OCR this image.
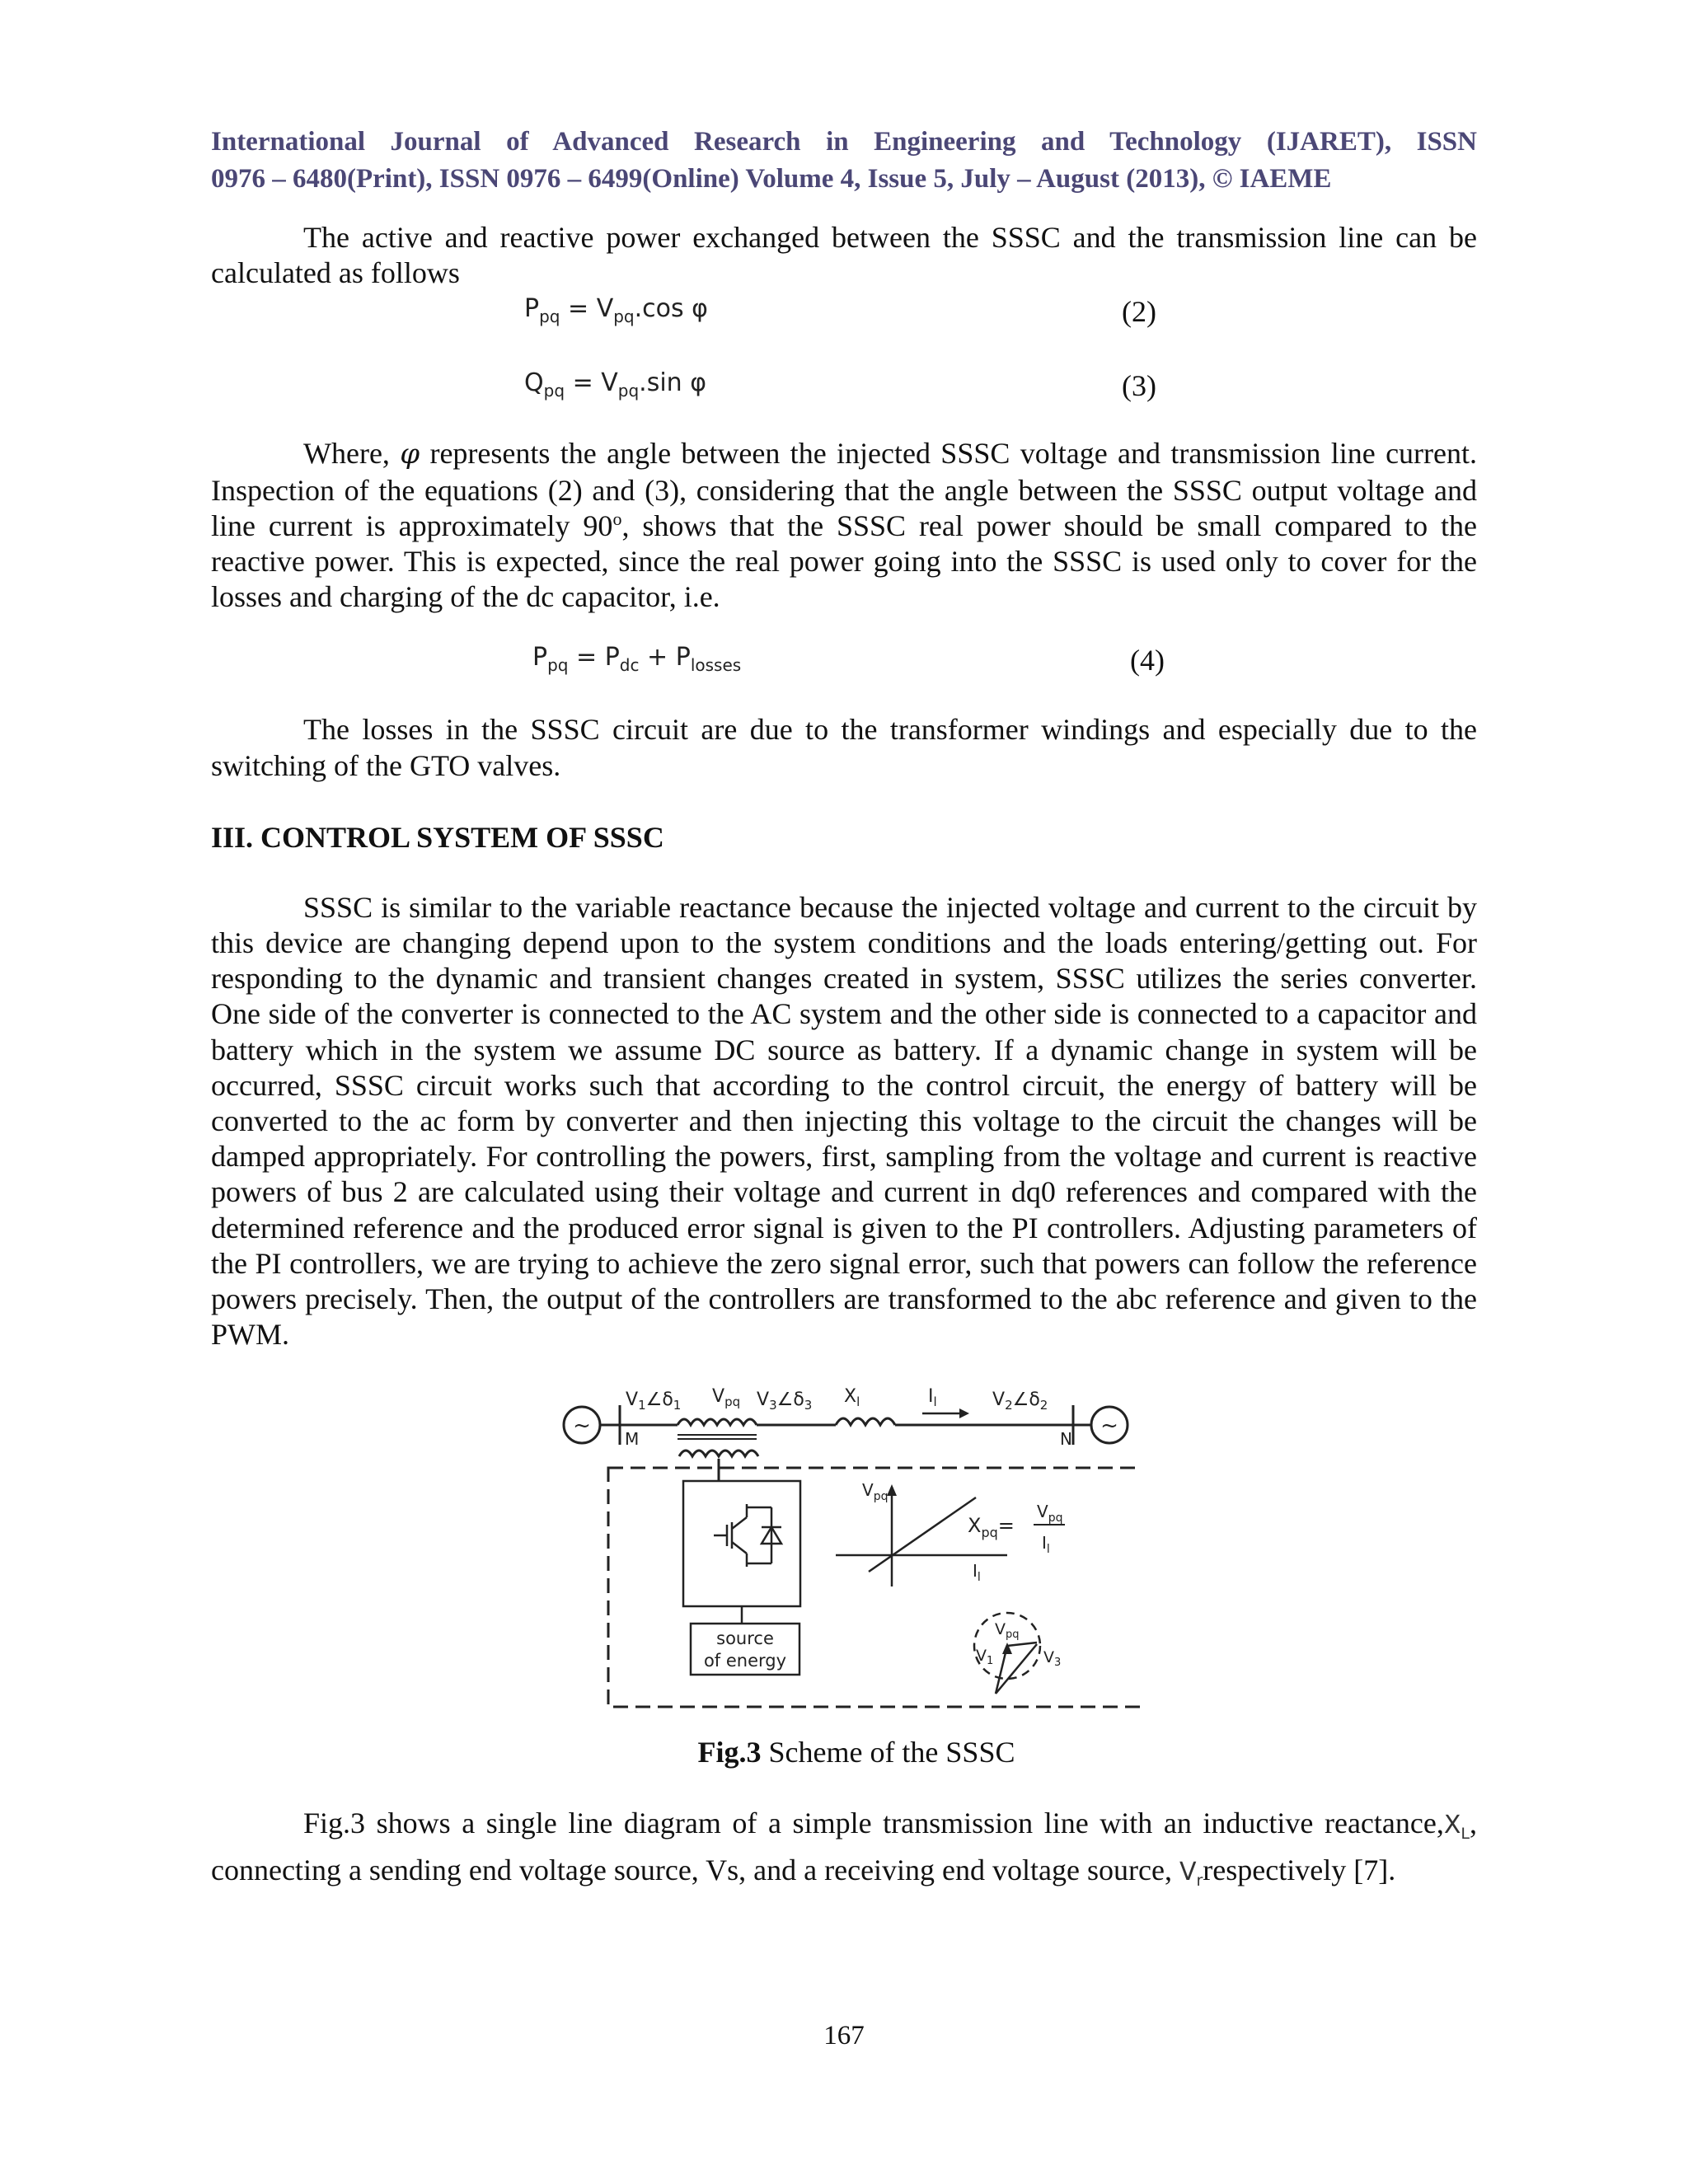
International Journal of Advanced Research in Engineering and Technology (IJARET), ISSN
0976 – 6480(Print), ISSN 0976 – 6499(Online) Volume 4, Issue 5, July – August (2013), © IAEME

The active and reactive power exchanged between the SSSC and the transmission line can be calculated as follows

$P_{pq} = V_{pq}.\cos$ φ	(2)
$Q_{pq} = V_{pq}.\sin$ φ	(3)

Where, φ represents the angle between the injected SSSC voltage and transmission line current. Inspection of the equations (2) and (3), considering that the angle between the SSSC output voltage and line current is approximately 90$^o$, shows that the SSSC real power should be small compared to the reactive power. This is expected, since the real power going into the SSSC is used only to cover for the losses and charging of the dc capacitor, i.e.

$P_{pq} = P_{dc} + P_{losses}$	(4)

The losses in the SSSC circuit are due to the transformer windings and especially due to the switching of the GTO valves.

III. CONTROL SYSTEM OF SSSC

SSSC is similar to the variable reactance because the injected voltage and current to the circuit by this device are changing depend upon to the system conditions and the loads entering/getting out. For responding to the dynamic and transient changes created in system, SSSC utilizes the series converter. One side of the converter is connected to the AC system and the other side is connected to a capacitor and battery which in the system we assume DC source as battery. If a dynamic change in system will be occurred, SSSC circuit works such that according to the control circuit, the energy of battery will be converted to the ac form by converter and then injecting this voltage to the circuit the changes will be damped appropriately. For controlling the powers, first, sampling from the voltage and current is reactive powers of bus 2 are calculated using their voltage and current in dq0 references and compared with the determined reference and the produced error signal is given to the PI controllers. Adjusting parameters of the PI controllers, we are trying to achieve the zero signal error, such that powers can follow the reference powers precisely. Then, the output of the controllers are transformed to the abc reference and given to the PWM.

~	~
$V_1\angle\delta_1$ $V_{pq}$ $V_3\angle\delta_3$ $X_l$	$I_l$	$V_2\angle\delta_2$
M	N
source
of energy
$V_{pq}$
$I_l$
$X_{pq}=$
$V_{pq}$
$I_l$
$V_{pq}$
$V_1$	$V_3$
Fig.3 Scheme of the SSSC

Fig.3 shows a single line diagram of a simple transmission line with an inductive $reactance,X_L$, connecting a sending end voltage source, Vs, and a receiving end voltage source, $V_rrespectively$ [7].

167
